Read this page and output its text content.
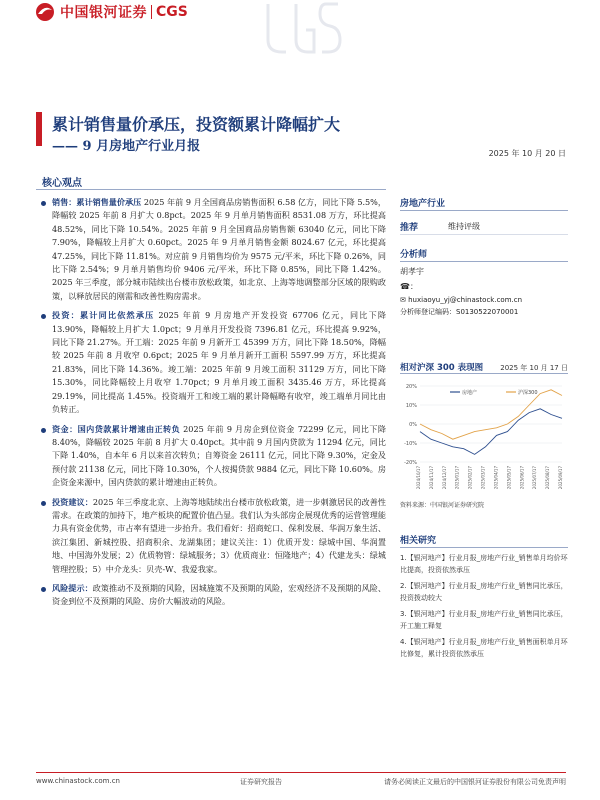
中国银河证券 CGS
累计销售量价承压，投资额累计降幅扩大
—— 9 月房地产行业月报	2025 年 10 月 20 日
核心观点
销售：累计销售量价承压 2025 年前 9 月全国商品房销售面积 6.58 亿方，同比下降 5.5%，降幅较 2025 年前 8 月扩大 0.8pct。2025 年 9 月单月销售面积 8531.08 万方，环比提高 48.52%，同比下降 10.54%。2025 年前 9 月全国商品房销售额 63040 亿元，同比下降 7.90%，降幅较上月扩大 0.60pct。2025 年 9 月单月销售金额 8024.67 亿元，环比提高 47.25%，同比下降 11.81%。对应前 9 月销售均价为 9575 元/平米，环比下降 0.26%，同比下降 2.54%；9 月单月销售均价 9406 元/平米，环比下降 0.85%，同比下降 1.42%。2025 年三季度，部分城市陆续出台楼市放松政策，如北京、上海等地调整部分区域的限购政策，以释放居民的刚需和改善性购房需求。
投资：累计同比依然承压 2025 年前 9 月房地产开发投资 67706 亿元，同比下降 13.90%，降幅较上月扩大 1.0pct；9 月单月开发投资 7396.81 亿元，环比提高 9.92%，同比下降 21.27%。开工端：2025 年前 9 月新开工 45399 万方，同比下降 18.50%，降幅较 2025 年前 8 月收窄 0.6pct；2025 年 9 月单月新开工面积 5597.99 万方，环比提高 21.83%，同比下降 14.36%。竣工端：2025 年前 9 月竣工面积 31129 万方，同比下降 15.30%，同比降幅较上月收窄 1.70pct；9 月单月竣工面积 3435.46 万方，环比提高 29.19%，同比提高 1.45%。投资端开工和竣工端的累计降幅略有收窄，竣工端单月同比由负转正。
资金：国内贷款累计增速由正转负 2025 年前 9 月房企到位资金 72299 亿元，同比下降 8.40%，降幅较 2025 年前 8 月扩大 0.40pct。其中前 9 月国内贷款为 11294 亿元，同比下降 1.40%，自本年 6 月以来首次转负；自筹资金 26111 亿元，同比下降 9.30%，定金及预付款 21138 亿元，同比下降 10.30%，个人按揭贷款 9884 亿元，同比下降 10.60%。房企资金来源中，国内贷款的累计增速由正转负。
投资建议：2025 年三季度北京、上海等地陆续出台楼市放松政策，进一步刺激居民的改善性需求。在政策的加持下，地产板块的配置价值凸显。我们认为头部房企展现优秀的运营管理能力具有资金优势，市占率有望进一步抬升。我们看好：招商蛇口、保利发展、华润万象生活、滨江集团、新城控股、招商积余、龙湖集团；建议关注：1）优质开发：绿城中国、华润置地、中国海外发展；2）优质物管：绿城服务；3）优质商业：恒隆地产；4）代建龙头：绿城管理控股；5）中介龙头：贝壳-W、我爱我家。
风险提示：政策推动不及预期的风险，因城施策不及预期的风险，宏观经济不及预期的风险、资金到位不及预期的风险、房价大幅波动的风险。
房地产行业
推荐	维持评级
分析师
胡孝宇
☎：
✉ huxiaoyu_yj@chinastock.com.cn
分析师登记编码：S0130522070001
相对沪深 300 表现图 2025 年 10 月 17 日
20%
10%
0%
-10%
-20%
2024/10/17 2024/11/17 2024/12/17 2025/01/17 2025/02/17 2025/03/17 2025/04/17 2025/05/17 2025/06/17 2025/07/17 2025/08/17 2025/09/17
房地产	沪深300
资料来源：中国银河证券研究院
相关研究
1.【银河地产】行业月报_房地产行业_销售单月均价环比提高，投资依然承压
2.【银河地产】行业月报_房地产行业_销售同比承压，投资拨动较大
3.【银河地产】行业月报_房地产行业_销售同比承压，开工施工释复
4.【银河地产】行业月报_房地产行业_销售面积单月环比修复，累计投资依然承压
www.chinastock.com.cn	证券研究报告	请务必阅读正文最后的中国银河证券股份有限公司免责声明
